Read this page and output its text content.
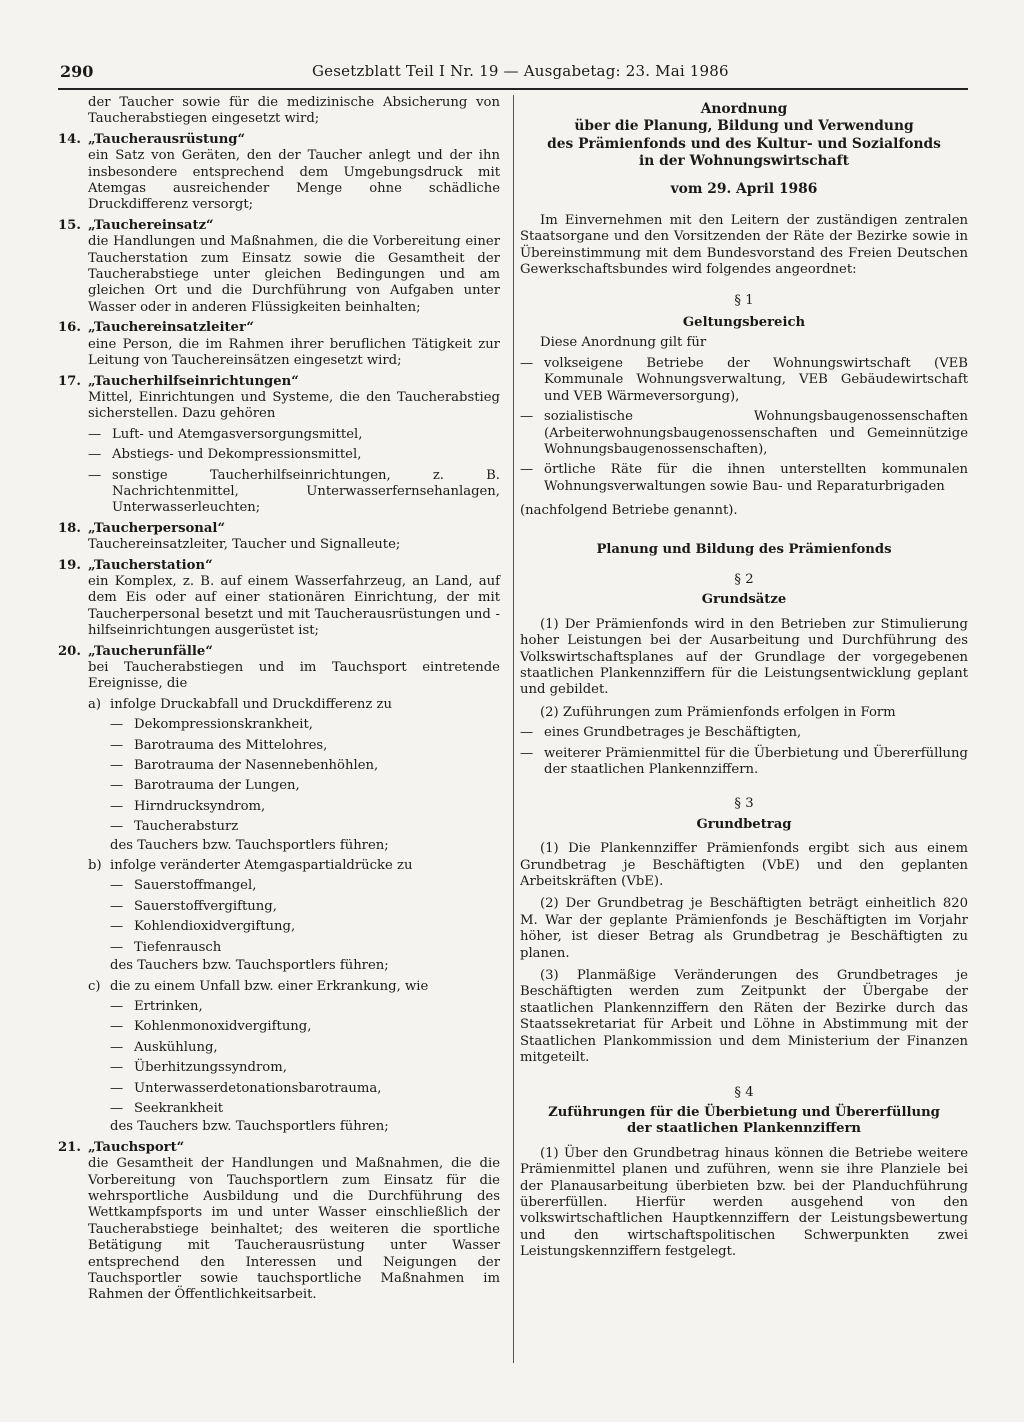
290	Gesetzblatt Teil I Nr. 19 — Ausgabetag: 23. Mai 1986
der Taucher sowie für die medizinische Absicherung von Taucherabstiegen eingesetzt wird;
14. „Taucherausrüstung“
ein Satz von Geräten, den der Taucher anlegt und der ihn insbesondere entsprechend dem Umgebungsdruck mit Atemgas ausreichender Menge ohne schädliche Druckdifferenz versorgt;
15. „Tauchereinsatz“
die Handlungen und Maßnahmen, die die Vorbereitung einer Taucherstation zum Einsatz sowie die Gesamtheit der Taucherabstiege unter gleichen Bedingungen und am gleichen Ort und die Durchführung von Aufgaben unter Wasser oder in anderen Flüssigkeiten beinhalten;
16. „Tauchereinsatzleiter“
eine Person, die im Rahmen ihrer beruflichen Tätigkeit zur Leitung von Tauchereinsätzen eingesetzt wird;
17. „Taucherhilfseinrichtungen“
Mittel, Einrichtungen und Systeme, die den Taucherabstieg sicherstellen. Dazu gehören
— Luft- und Atemgasversorgungsmittel,
— Abstiegs- und Dekompressionsmittel,
— sonstige Taucherhilfseinrichtungen, z. B. Nachrichtenmittel, Unterwasserfernsehanlagen, Unterwasserleuchten;
18. „Taucherpersonal“
Tauchereinsatzleiter, Taucher und Signalleute;
19. „Taucherstation“
ein Komplex, z. B. auf einem Wasserfahrzeug, an Land, auf dem Eis oder auf einer stationären Einrichtung, der mit Taucherpersonal besetzt und mit Taucherausrüstungen und -hilfseinrichtungen ausgerüstet ist;
20. „Taucherunfälle“
bei Taucherabstiegen und im Tauchsport eintretende Ereignisse, die
a) infolge Druckabfall und Druckdifferenz zu
— Dekompressionskrankheit,
— Barotrauma des Mittelohres,
— Barotrauma der Nasennebenhöhlen,
— Barotrauma der Lungen,
— Hirndrucksyndrom,
— Taucherabsturz
des Tauchers bzw. Tauchsportlers führen;
b) infolge veränderter Atemgaspartialdrücke zu
— Sauerstoffmangel,
— Sauerstoffvergiftung,
— Kohlendioxidvergiftung,
— Tiefenrausch
des Tauchers bzw. Tauchsportlers führen;
c) die zu einem Unfall bzw. einer Erkrankung, wie
— Ertrinken,
— Kohlenmonoxidvergiftung,
— Auskühlung,
— Überhitzungssyndrom,
— Unterwasserdetonationsbarotrauma,
— Seekrankheit
des Tauchers bzw. Tauchsportlers führen;
21. „Tauchsport“
die Gesamtheit der Handlungen und Maßnahmen, die die Vorbereitung von Tauchsportlern zum Einsatz für die wehrsportliche Ausbildung und die Durchführung des Wettkampfsports im und unter Wasser einschließlich der Taucherabstiege beinhaltet; des weiteren die sportliche Betätigung mit Taucherausrüstung unter Wasser entsprechend den Interessen und Neigungen der Tauchsportler sowie tauchsportliche Maßnahmen im Rahmen der Öffentlichkeitsarbeit.
Anordnung
über die Planung, Bildung und Verwendung
des Prämienfonds und des Kultur- und Sozialfonds
in der Wohnungswirtschaft
vom 29. April 1986
Im Einvernehmen mit den Leitern der zuständigen zentralen Staatsorgane und den Vorsitzenden der Räte der Bezirke sowie in Übereinstimmung mit dem Bundesvorstand des Freien Deutschen Gewerkschaftsbundes wird folgendes angeordnet:
§ 1
Geltungsbereich
Diese Anordnung gilt für
— volkseigene Betriebe der Wohnungswirtschaft (VEB Kommunale Wohnungsverwaltung, VEB Gebäudewirtschaft und VEB Wärmeversorgung),
— sozialistische Wohnungsbaugenossenschaften (Arbeiterwohnungsbaugenossenschaften und Gemeinnützige Wohnungsbaugenossenschaften),
— örtliche Räte für die ihnen unterstellten kommunalen Wohnungsverwaltungen sowie Bau- und Reparaturbrigaden
(nachfolgend Betriebe genannt).
Planung und Bildung des Prämienfonds
§ 2
Grundsätze
(1) Der Prämienfonds wird in den Betrieben zur Stimulierung hoher Leistungen bei der Ausarbeitung und Durchführung des Volkswirtschaftsplanes auf der Grundlage der vorgegebenen staatlichen Plankennziffern für die Leistungsentwicklung geplant und gebildet.
(2) Zuführungen zum Prämienfonds erfolgen in Form
— eines Grundbetrages je Beschäftigten,
— weiterer Prämienmittel für die Überbietung und Übererfüllung der staatlichen Plankennziffern.
§ 3
Grundbetrag
(1) Die Plankennziffer Prämienfonds ergibt sich aus einem Grundbetrag je Beschäftigten (VbE) und den geplanten Arbeitskräften (VbE).
(2) Der Grundbetrag je Beschäftigten beträgt einheitlich 820 M. War der geplante Prämienfonds je Beschäftigten im Vorjahr höher, ist dieser Betrag als Grundbetrag je Beschäftigten zu planen.
(3) Planmäßige Veränderungen des Grundbetrages je Beschäftigten werden zum Zeitpunkt der Übergabe der staatlichen Plankennziffern den Räten der Bezirke durch das Staatssekretariat für Arbeit und Löhne in Abstimmung mit der Staatlichen Plankommission und dem Ministerium der Finanzen mitgeteilt.
§ 4
Zuführungen für die Überbietung und Übererfüllung
der staatlichen Plankennziffern
(1) Über den Grundbetrag hinaus können die Betriebe weitere Prämienmittel planen und zuführen, wenn sie ihre Planziele bei der Planausarbeitung überbieten bzw. bei der Planduchführung übererfüllen. Hierfür werden ausgehend von den volkswirtschaftlichen Hauptkennziffern der Leistungsbewertung und den wirtschaftspolitischen Schwerpunkten zwei Leistungskennziffern festgelegt.
